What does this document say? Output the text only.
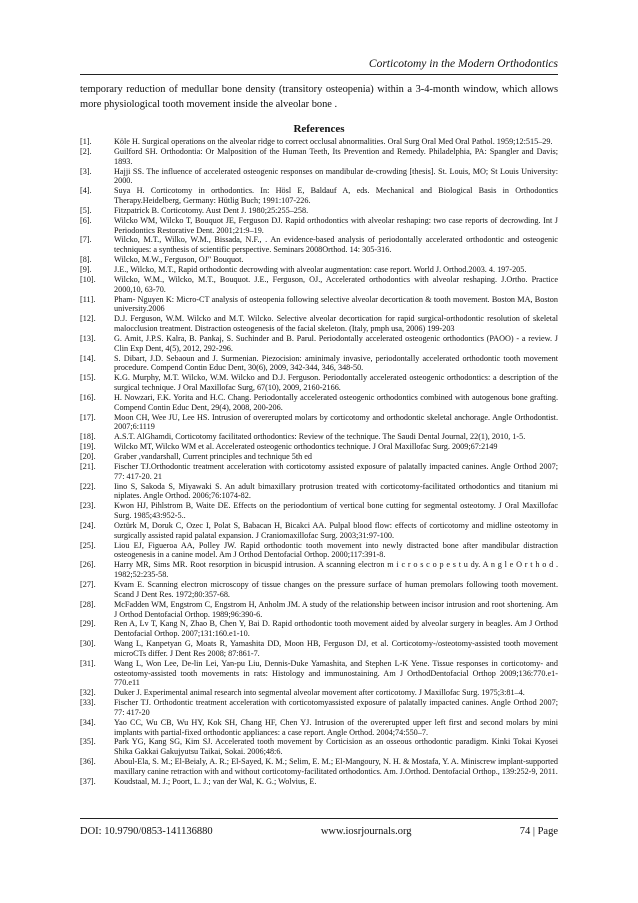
Corticotomy in the Modern Orthodontics

temporary reduction of medullar bone density (transitory osteopenia) within a 3-4-month window, which allows more physiological tooth movement inside the alveolar bone .

References
[1].	Köle H. Surgical operations on the alveolar ridge to correct occlusal abnormalities. Oral Surg Oral Med Oral Pathol. 1959;12:515–29.
[2].	Guilford SH. Orthodontia: Or Malposition of the Human Teeth, Its Prevention and Remedy. Philadelphia, PA: Spangler and Davis; 1893.
[3].	Hajji SS. The influence of accelerated osteogenic responses on mandibular de-crowding [thesis]. St. Louis, MO; St Louis University: 2000.
[4].	Suya H. Corticotomy in orthodontics. In: Hösl E, Baldauf A, eds. Mechanical and Biological Basis in Orthodontics Therapy.Heidelberg, Germany: Hütlig Buch; 1991:107-226.
[5].	Fitzpatrick B. Corticotomy. Aust Dent J. 1980;25:255–258.
[6].	Wilcko WM, Wilcko T, Bouquot JE, Ferguson DJ. Rapid orthodontics with alveolar reshaping: two case reports of decrowding. Int J Periodontics Restorative Dent. 2001;21:9–19.
[7].	Wilcko, M.T., Wilko, W.M., Bissada, N.F., . An evidence-based analysis of periodontally accelerated orthodontic and osteogenic techniques: a synthesis of scientific perspective. Seminars 2008Orthod. 14: 305-316.
[8].	Wilcko, M.W., Ferguson, OJ" Bouquot.
[9].	J.E., Wilcko, M.T., Rapid orthodontic decrowding with alveolar augmentation: case report. World J. Orthod.2003. 4. 197-205.
[10].	Wilcko, W.M., Wilcko, M.T., Bouquot. J.E., Ferguson, OJ., Accelerated orthodontics with alveolar reshaping. J.Ortho. Practice 2000,10, 63-70.
[11].	Pham- Nguyen K: Micro-CT analysis of osteopenia following selective alveolar decortication & tooth movement. Boston MA, Boston university.2006
[12].	D.J. Ferguson, W.M. Wilcko and M.T. Wilcko. Selective alveolar decortication for rapid surgical-orthodontic resolution of skeletal malocclusion treatment. Distraction osteogenesis of the facial skeleton. (Italy, pmph usa, 2006) 199-203
[13].	G. Amit, J.P.S. Kalra, B. Pankaj, S. Suchinder and B. Parul. Periodontally accelerated osteogenic orthodontics (PAOO) - a review. J Clin Exp Dent, 4(5), 2012, 292-296.
[14].	S. Dibart, J.D. Sebaoun and J. Surmenian. Piezocision: aminimaly invasive, periodontally accelerated orthodontic tooth movement procedure. Compend Contin Educ Dent, 30(6), 2009, 342-344, 346, 348-50.
[15].	K.G. Murphy, M.T. Wilcko, W.M. Wilcko and D.J. Ferguson. Periodontally accelerated osteogenic orthodontics: a description of the surgical technique. J Oral Maxillofac Surg, 67(10), 2009, 2160-2166.
[16].	H. Nowzari, F.K. Yorita and H.C. Chang. Periodontally accelerated osteogenic orthodontics combined with autogenous bone grafting. Compend Contin Educ Dent, 29(4), 2008, 200-206.
[17].	Moon CH, Wee JU, Lee HS. Intrusion of overerupted molars by corticotomy and orthodontic skeletal anchorage. Angle Orthodontist. 2007;6:1119
[18].	A.S.T. AlGhamdi, Corticotomy facilitated orthodontics: Review of the technique. The Saudi Dental Journal, 22(1), 2010, 1-5.
[19].	Wilcko MT, Wilcko WM et al. Accelerated osteogenic orthodontics technique. J Oral Maxillofac Surg. 2009;67:2149
[20].	Graber ,vandarshall, Current principles and technique 5th ed
[21].	Fischer TJ.Orthodontic treatment acceleration with corticotomy assisted exposure of palatally impacted canines. Angle Orthod 2007; 77: 417-20. 21
[22].	Iino S, Sakoda S, Miyawaki S. An adult bimaxillary protrusion treated with corticotomy-facilitated orthodontics and titanium mi niplates. Angle Orthod. 2006;76:1074-82.
[23].	Kwon HJ, Pihlstrom B, Waite DE. Effects on the periodontium of vertical bone cutting for segmental osteotomy. J Oral Maxillofac Surg. 1985;43:952-5..
[24].	Oztürk M, Doruk C, Ozec I, Polat S, Babacan H, Bicakci AA. Pulpal blood flow: effects of corticotomy and midline osteotomy in surgically assisted rapid palatal expansion. J Craniomaxillofac Surg. 2003;31:97-100.
[25].	Liou EJ, Figueroa AA, Polley JW. Rapid orthodontic tooth movement into newly distracted bone after mandibular distraction osteogenesis in a canine model. Am J Orthod Dentofacial Orthop. 2000;117:391-8.
[26].	Harry MR, Sims MR. Root resorption in bicuspid intrusion. A scanning electron m i c r o s c o p e s t u dy. A n g l e O r t h o d . 1982;52:235-58.
[27].	Kvam E. Scanning electron microscopy of tissue changes on the pressure surface of human premolars following tooth movement. Scand J Dent Res. 1972;80:357-68.
[28].	McFadden WM, Engstrom C, Engstrom H, Anholm JM. A study of the relationship between incisor intrusion and root shortening. Am J Orthod Dentofacial Orthop. 1989;96:390-6.
[29].	Ren A, Lv T, Kang N, Zhao B, Chen Y, Bai D. Rapid orthodontic tooth movement aided by alveolar surgery in beagles. Am J Orthod Dentofacial Orthop. 2007;131:160.e1-10.
[30].	Wang L, Kanpetyan G, Moats R, Yamashita DD, Moon HB, Ferguson DJ, et al. Corticotomy-/osteotomy-assisted tooth movement microCTs differ. J Dent Res 2008; 87:861-7.
[31].	Wang L, Won Lee, De-lin Lei, Yan-pu Liu, Dennis-Duke Yamashita, and Stephen L-K Yene. Tissue responses in corticotomy- and osteotomy-assisted tooth movements in rats: Histology and immunostaining. Am J OrthodDentofacial Orthop 2009;136:770.e1-770.e11
[32].	Duker J. Experimental animal research into segmental alveolar movement after corticotomy. J Maxillofac Surg. 1975;3:81–4.
[33].	Fischer TJ. Orthodontic treatment acceleration with corticotomyassisted exposure of palatally impacted canines. Angle Orthod 2007; 77: 417-20
[34].	Yao CC, Wu CB, Wu HY, Kok SH, Chang HF, Chen YJ. Intrusion of the overerupted upper left first and second molars by mini implants with partial-fixed orthodontic appliances: a case report. Angle Orthod. 2004;74:550–7.
[35].	Park YG, Kang SG, Kim SJ. Accelerated tooth movement by Corticision as an osseous orthodontic paradigm. Kinki Tokai Kyosei Shika Gakkai Gakujyutsu Taikai, Sokai. 2006;48:6.
[36].	Aboul-Ela, S. M.; El-Beialy, A. R.; El-Sayed, K. M.; Selim, E. M.; El-Mangoury, N. H. & Mostafa, Y. A. Miniscrew implant-supported maxillary canine retraction with and without corticotomy-facilitated orthodontics. Am. J.Orthod. Dentofacial Orthop., 139:252-9, 2011.
[37].	Koudstaal, M. J.; Poort, L. J.; van der Wal, K. G.; Wolvius, E.
DOI: 10.9790/0853-141136880	www.iosrjournals.org	74 | Page
